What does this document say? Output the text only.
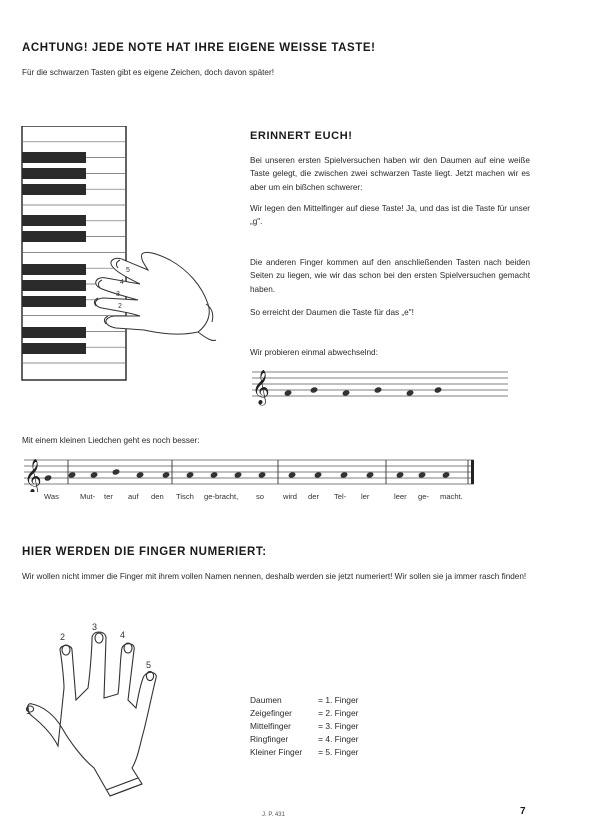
ACHTUNG! JEDE NOTE HAT IHRE EIGENE WEISSE TASTE!
Für die schwarzen Tasten gibt es eigene Zeichen, doch davon später!
5
4
3
2
ERINNERT EUCH!
Bei unseren ersten Spielversuchen haben wir den Daumen auf eine weiße Taste gelegt, die zwischen zwei schwarzen Taste liegt. Jetzt machen wir es aber um ein bißchen schwerer:
Wir legen den Mittelfinger auf diese Taste! Ja, und das ist die Taste für unser „g".
Die anderen Finger kommen auf den anschließenden Tasten nach beiden Seiten zu liegen, wie wir das schon bei den ersten Spielversuchen gemacht haben.
So erreicht der Daumen die Taste für das „e"!
Wir probieren einmal abwechselnd:
𝄞
Mit einem kleinen Liedchen geht es noch besser:
𝄞
Was	Mut- ter auf den Tisch ge-bracht, so wird der Tel- ler	leer ge- macht.
HIER WERDEN DIE FINGER NUMERIERT:
Wir wollen nicht immer die Finger mit ihrem vollen Namen nennen, deshalb werden sie jetzt numeriert! Wir sollen sie ja immer rasch finden!
1
2
3
4
5
Daumen	= 1. Finger
Zeigefinger	= 2. Finger
Mittelfinger	= 3. Finger
Ringfinger	= 4. Finger
Kleiner Finger	= 5. Finger
J. P. 431	7
